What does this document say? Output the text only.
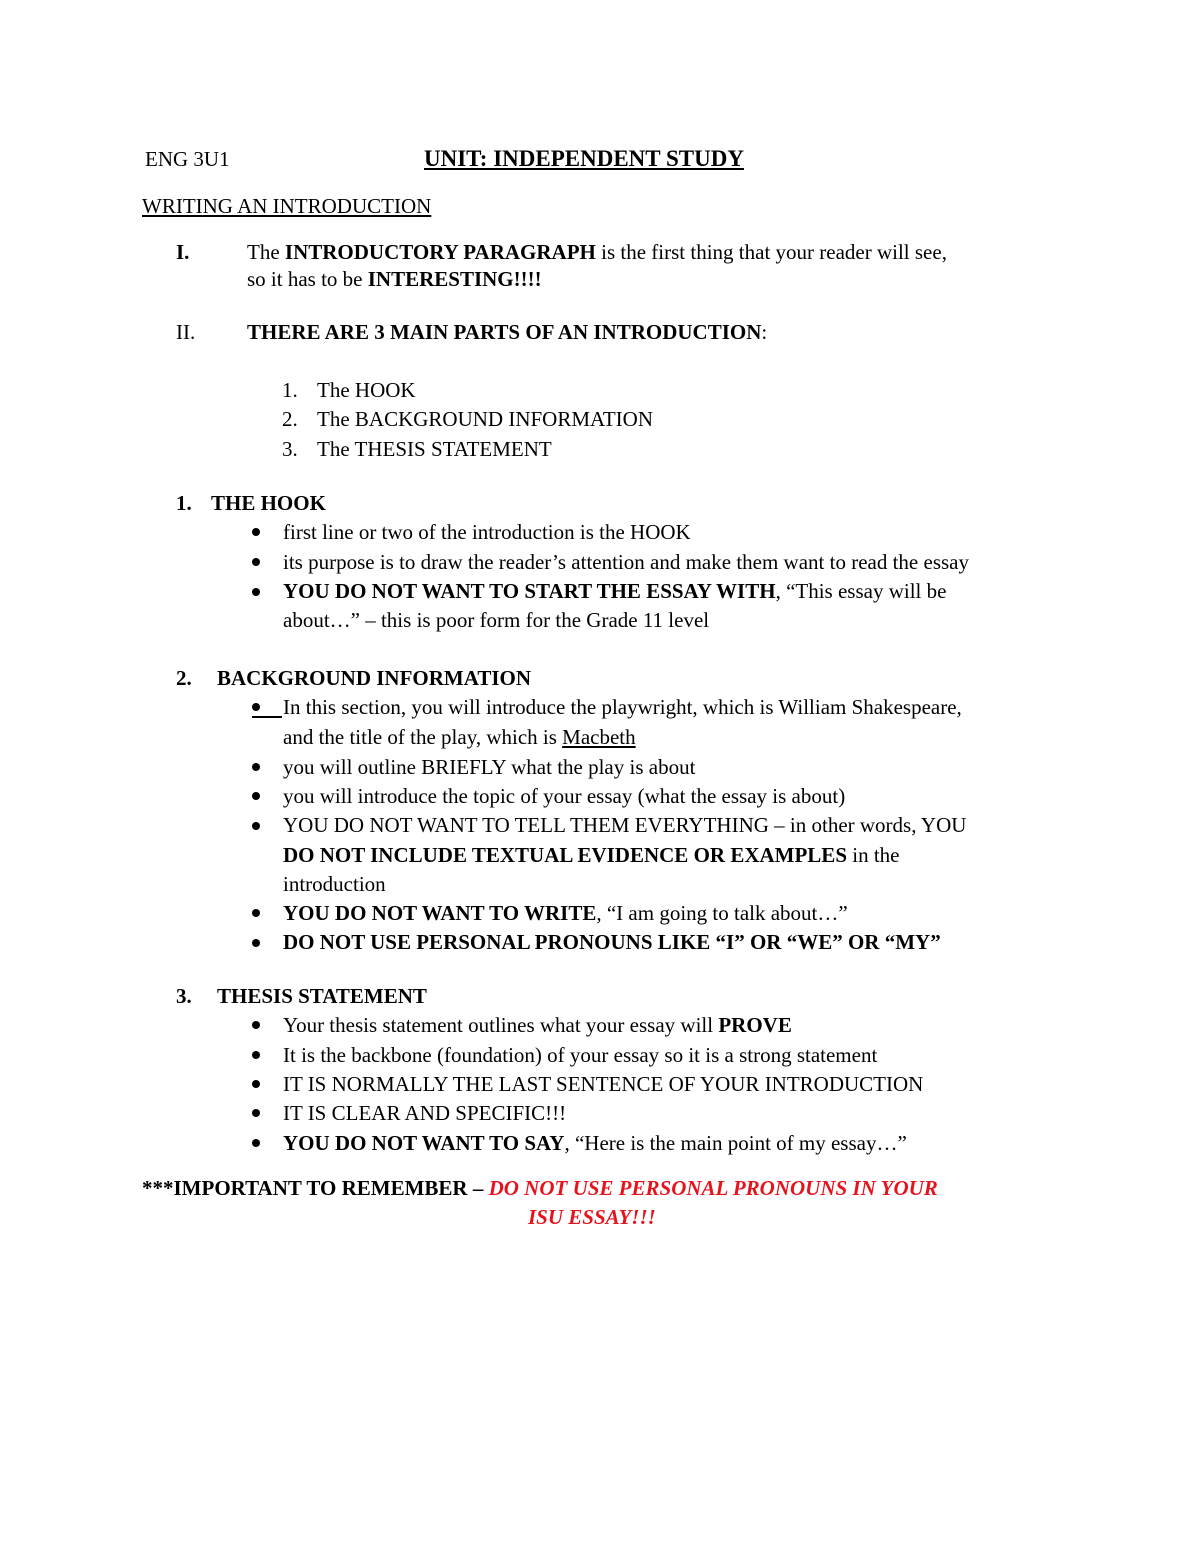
ENG 3U1	UNIT: INDEPENDENT STUDY
WRITING AN INTRODUCTION
I.	The INTRODUCTORY PARAGRAPH is the first thing that your reader will see,
so it has to be INTERESTING!!!!
II. THERE ARE 3 MAIN PARTS OF AN INTRODUCTION:
1. The HOOK
2. The BACKGROUND INFORMATION
3. The THESIS STATEMENT
1. THE HOOK
first line or two of the introduction is the HOOK
its purpose is to draw the reader’s attention and make them want to read the essay
YOU DO NOT WANT TO START THE ESSAY WITH, “This essay will be
about…” – this is poor form for the Grade 11 level
2. BACKGROUND INFORMATION
In this section, you will introduce the playwright, which is William Shakespeare,
and the title of the play, which is Macbeth
you will outline BRIEFLY what the play is about
you will introduce the topic of your essay (what the essay is about)
YOU DO NOT WANT TO TELL THEM EVERYTHING – in other words, YOU
DO NOT INCLUDE TEXTUAL EVIDENCE OR EXAMPLES in the
introduction
YOU DO NOT WANT TO WRITE, “I am going to talk about…”
DO NOT USE PERSONAL PRONOUNS LIKE “I” OR “WE” OR “MY”
3. THESIS STATEMENT
Your thesis statement outlines what your essay will PROVE
It is the backbone (foundation) of your essay so it is a strong statement
IT IS NORMALLY THE LAST SENTENCE OF YOUR INTRODUCTION
IT IS CLEAR AND SPECIFIC!!!
YOU DO NOT WANT TO SAY, “Here is the main point of my essay…”
***IMPORTANT TO REMEMBER – DO NOT USE PERSONAL PRONOUNS IN YOUR
ISU ESSAY!!!
